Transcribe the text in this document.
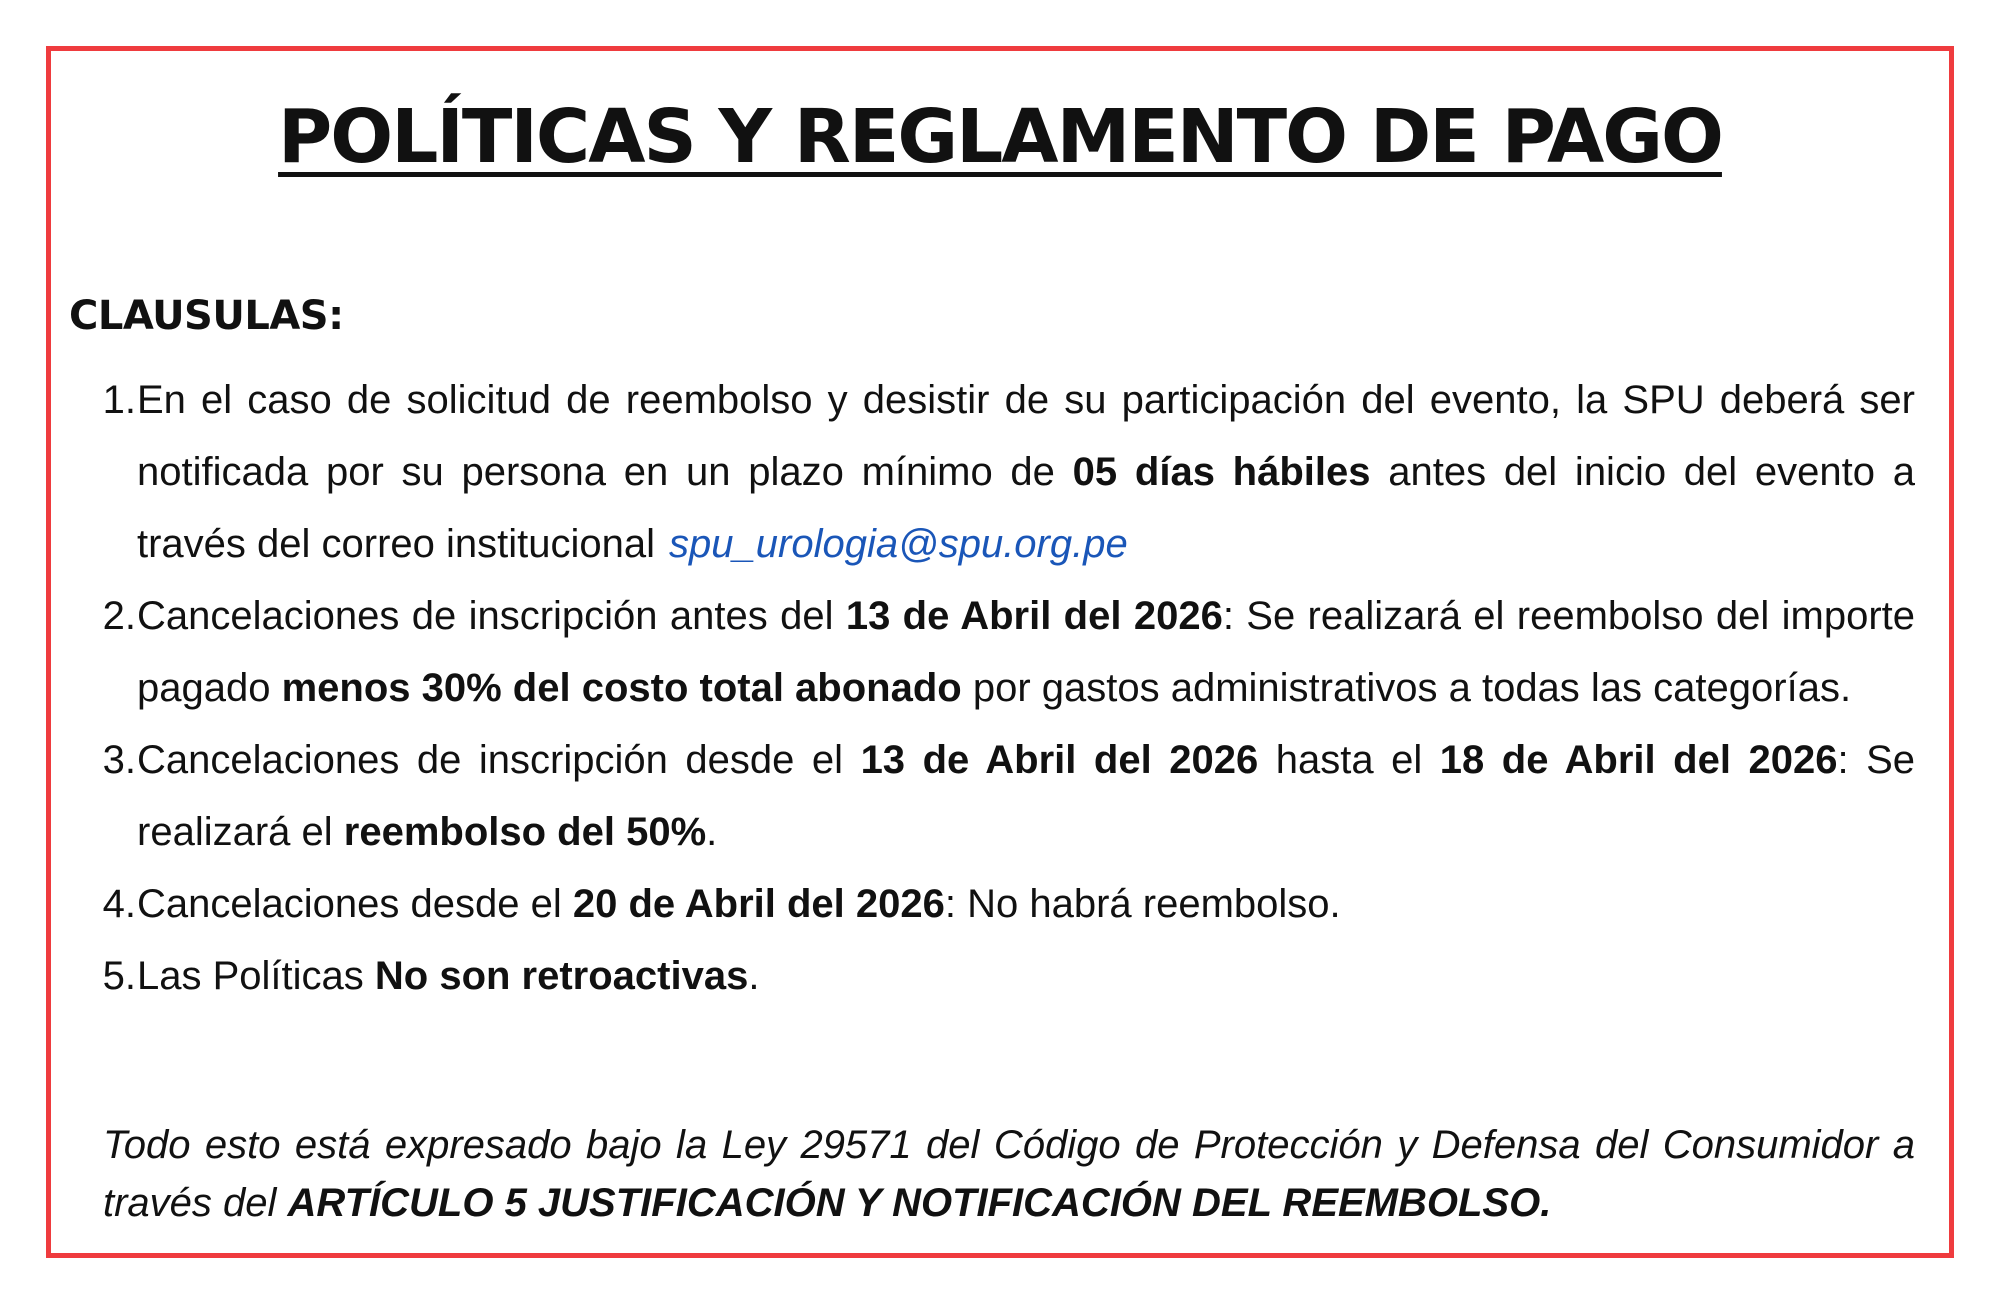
POLÍTICAS Y REGLAMENTO DE PAGO
CLAUSULAS:
1. En el caso de solicitud de reembolso y desistir de su participación del evento, la SPU deberá ser notificada por su persona en un plazo mínimo de 05 días hábiles antes del inicio del evento a través del correo institucional spu_urologia@spu.org.pe
2. Cancelaciones de inscripción antes del 13 de Abril del 2026: Se realizará el reembolso del importe pagado menos 30% del costo total abonado por gastos administrativos a todas las categorías.
3. Cancelaciones de inscripción desde el 13 de Abril del 2026 hasta el 18 de Abril del 2026: Se realizará el reembolso del 50%.
4. Cancelaciones desde el 20 de Abril del 2026: No habrá reembolso.
5. Las Políticas No son retroactivas.

Todo esto está expresado bajo la Ley 29571 del Código de Protección y Defensa del Consumidor a través del ARTÍCULO 5 JUSTIFICACIÓN Y NOTIFICACIÓN DEL REEMBOLSO.
